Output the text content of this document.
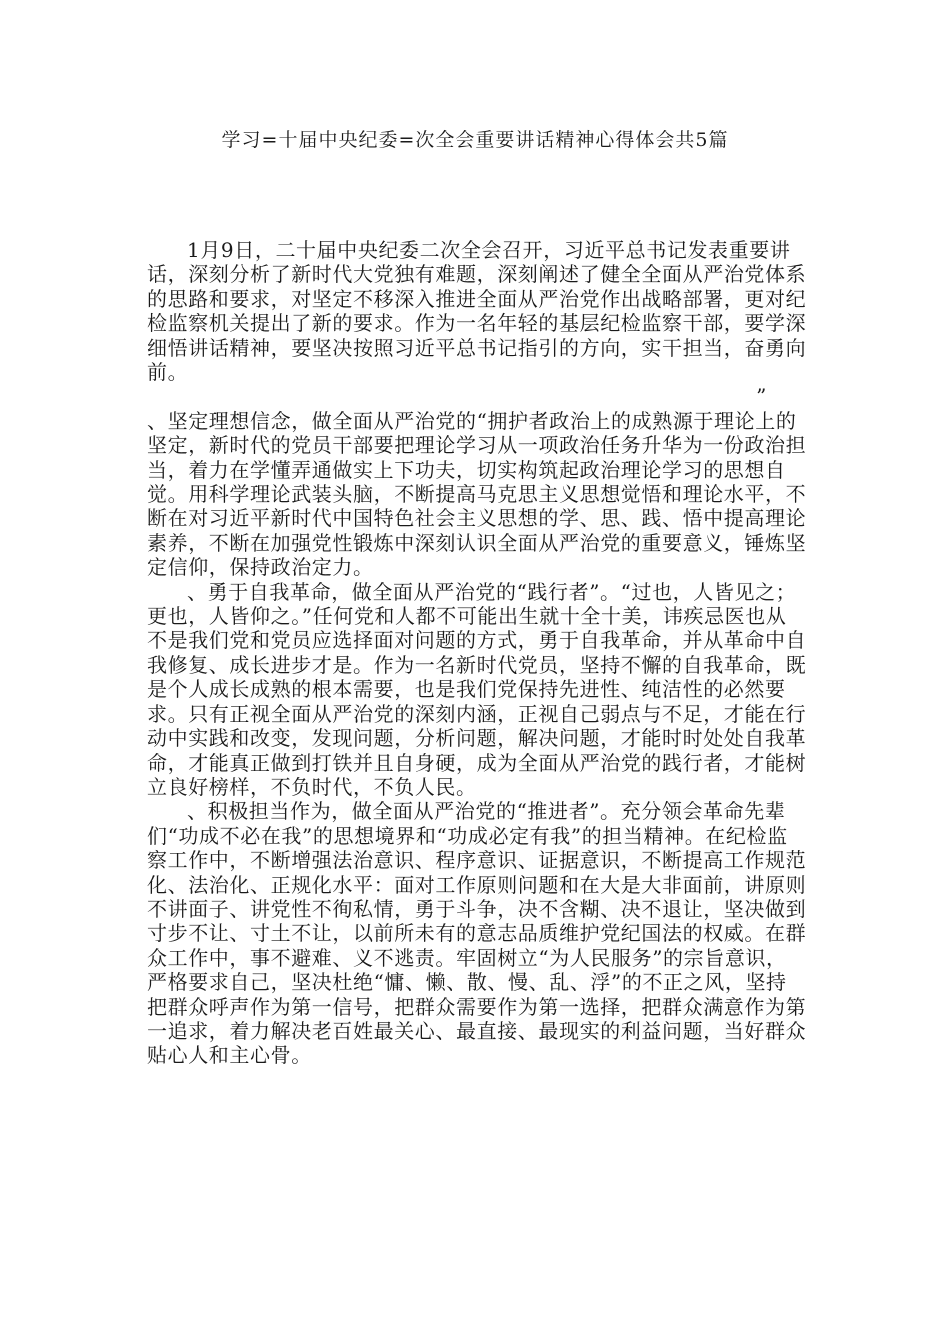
学习=十届中央纪委=次全会重要讲话精神心得体会共5篇

1月9日，二十届中央纪委二次全会召开，习近平总书记发表重要讲话，深刻分析了新时代大党独有难题，深刻阐述了健全全面从严治党体系的思路和要求，对坚定不移深入推进全面从严治党作出战略部署，更对纪检监察机关提出了新的要求。作为一名年轻的基层纪检监察干部，要学深细悟讲话精神，要坚决按照习近平总书记指引的方向，实干担当，奋勇向前。

”

、坚定理想信念，做全面从严治党的“拥护者政治上的成熟源于理论上的坚定，新时代的党员干部要把理论学习从一项政治任务升华为一份政治担当，着力在学懂弄通做实上下功夫，切实构筑起政治理论学习的思想自觉。用科学理论武装头脑，不断提高马克思主义思想觉悟和理论水平，不断在对习近平新时代中国特色社会主义思想的学、思、践、悟中提高理论素养，不断在加强党性锻炼中深刻认识全面从严治党的重要意义，锤炼坚定信仰，保持政治定力。

、勇于自我革命，做全面从严治党的“践行者”。“过也，人皆见之；更也，人皆仰之。”任何党和人都不可能出生就十全十美，讳疾忌医也从不是我们党和党员应选择面对问题的方式，勇于自我革命，并从革命中自我修复、成长进步才是。作为一名新时代党员，坚持不懈的自我革命，既是个人成长成熟的根本需要，也是我们党保持先进性、纯洁性的必然要求。只有正视全面从严治党的深刻内涵，正视自己弱点与不足，才能在行动中实践和改变，发现问题，分析问题，解决问题，才能时时处处自我革命，才能真正做到打铁并且自身硬，成为全面从严治党的践行者，才能树立良好榜样，不负时代，不负人民。

、积极担当作为，做全面从严治党的“推进者”。充分领会革命先辈们“功成不必在我”的思想境界和“功成必定有我”的担当精神。在纪检监察工作中，不断增强法治意识、程序意识、证据意识，不断提高工作规范化、法治化、正规化水平：面对工作原则问题和在大是大非面前，讲原则不讲面子、讲党性不徇私情，勇于斗争，决不含糊、决不退让，坚决做到寸步不让、寸土不让，以前所未有的意志品质维护党纪国法的权威。在群众工作中，事不避难、义不逃责。牢固树立“为人民服务”的宗旨意识，严格要求自己，坚决杜绝“慵、懒、散、慢、乱、浮”的不正之风，坚持把群众呼声作为第一信号，把群众需要作为第一选择，把群众满意作为第一追求，着力解决老百姓最关心、最直接、最现实的利益问题，当好群众贴心人和主心骨。
